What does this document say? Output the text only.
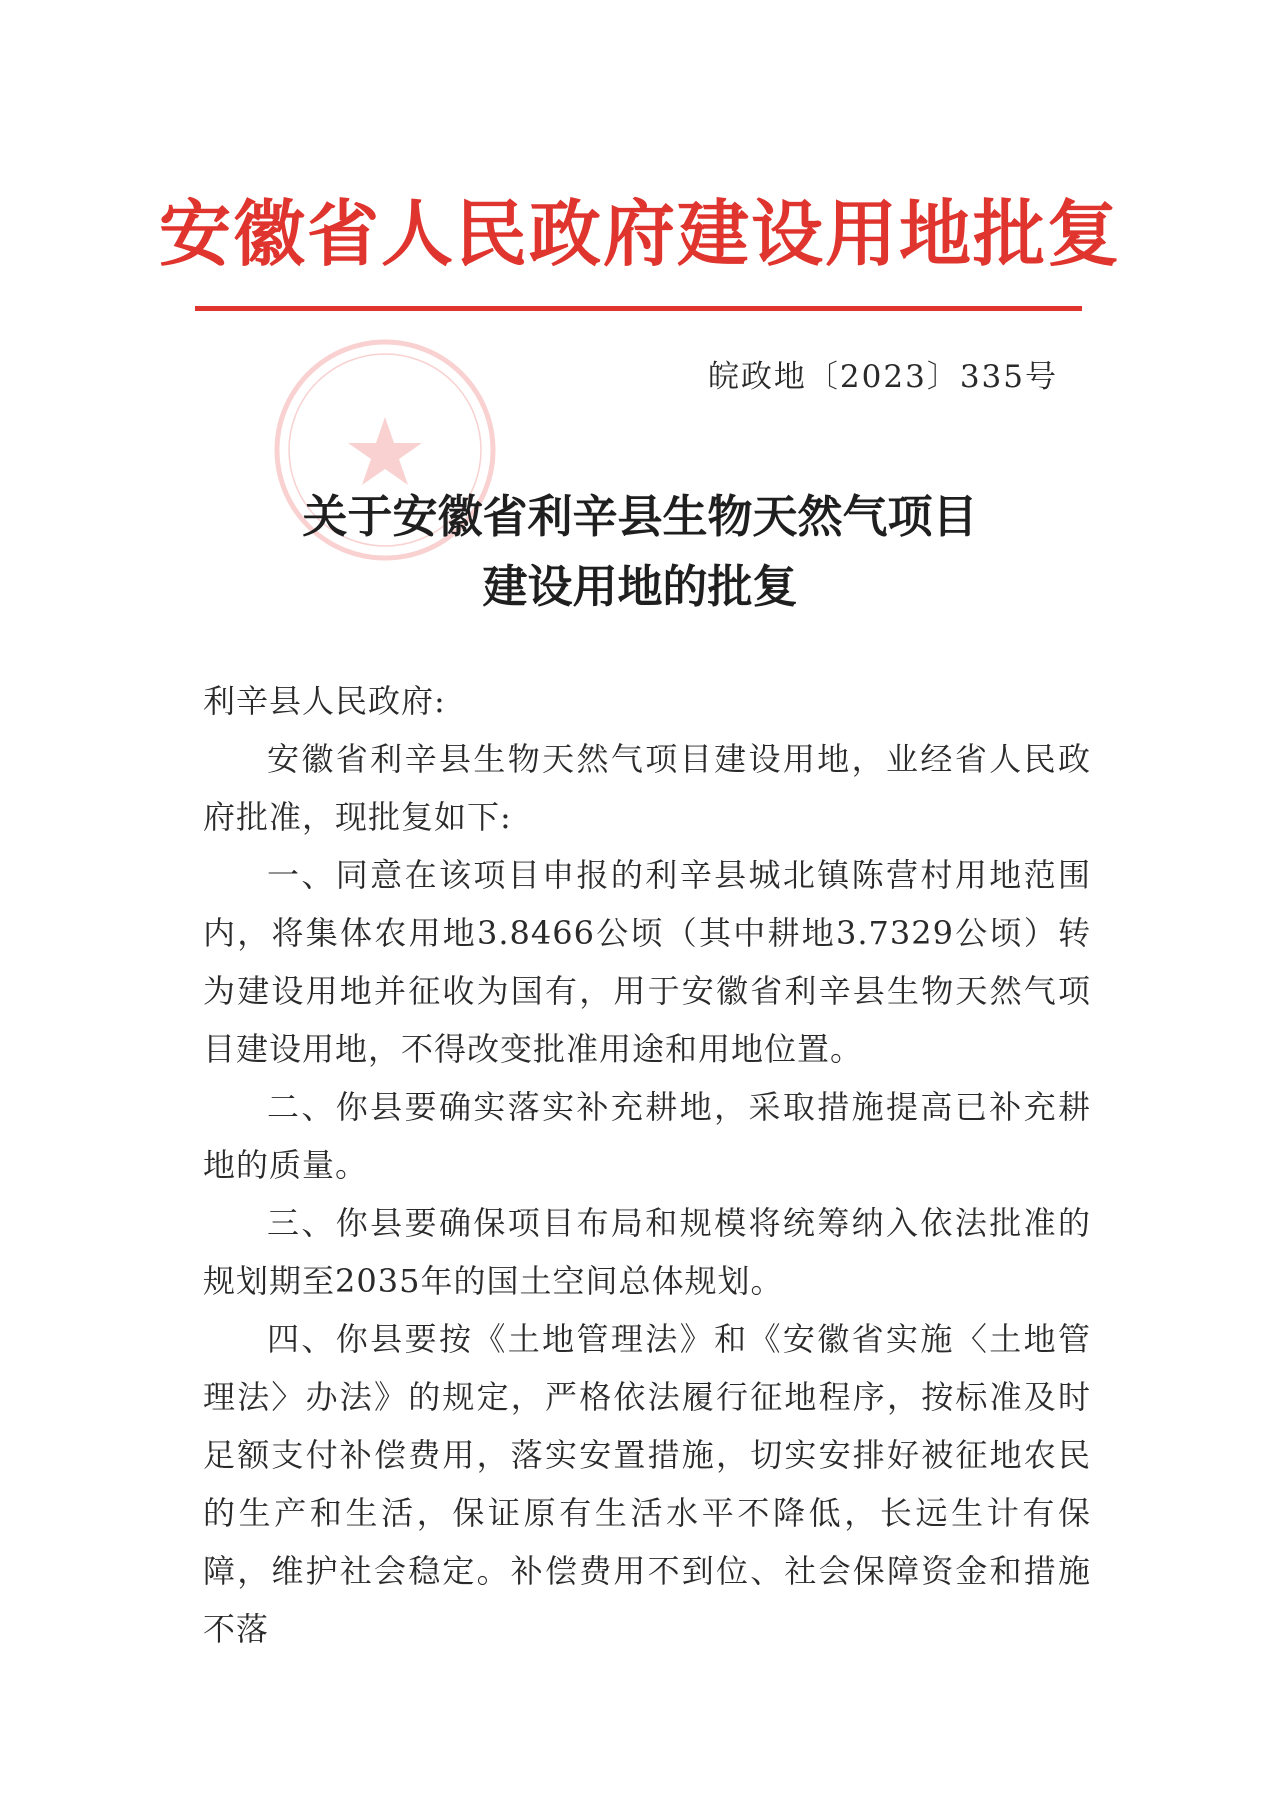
安徽省人民政府建设用地批复
皖政地〔2023〕335号
关于安徽省利辛县生物天然气项目
建设用地的批复

利辛县人民政府:

安徽省利辛县生物天然气项目建设用地，业经省人民政府批准，现批复如下:

一、同意在该项目申报的利辛县城北镇陈营村用地范围内，将集体农用地3.8466公顷（其中耕地3.7329公顷）转为建设用地并征收为国有，用于安徽省利辛县生物天然气项目建设用地，不得改变批准用途和用地位置。

二、你县要确实落实补充耕地，采取措施提高已补充耕地的质量。

三、你县要确保项目布局和规模将统筹纳入依法批准的规划期至2035年的国土空间总体规划。

四、你县要按《土地管理法》和《安徽省实施〈土地管理法〉办法》的规定，严格依法履行征地程序，按标准及时足额支付补偿费用，落实安置措施，切实安排好被征地农民的生产和生活，保证原有生活水平不降低，长远生计有保障，维护社会稳定。补偿费用不到位、社会保障资金和措施不落
